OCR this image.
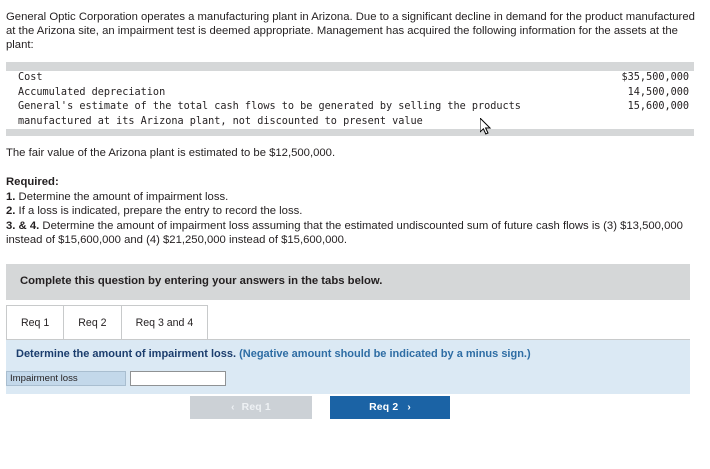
General Optic Corporation operates a manufacturing plant in Arizona. Due to a significant decline in demand for the product manufactured at the Arizona site, an impairment test is deemed appropriate. Management has acquired the following information for the assets at the plant:

Cost	$35,500,000
Accumulated depreciation	14,500,000
General's estimate of the total cash flows to be generated by selling the products	15,600,000
manufactured at its Arizona plant, not discounted to present value	

The fair value of the Arizona plant is estimated to be $12,500,000.
Required:
1. Determine the amount of impairment loss.
2. If a loss is indicated, prepare the entry to record the loss.
3. & 4. Determine the amount of impairment loss assuming that the estimated undiscounted sum of future cash flows is (3) $13,500,000 instead of $15,600,000 and (4) $21,250,000 instead of $15,600,000.
Complete this question by entering your answers in the tabs below.
Req 1	Req 2	Req 3 and 4
Determine the amount of impairment loss. (Negative amount should be indicated by a minus sign.)
Impairment loss
‹ Req 1	Req 2 ›
